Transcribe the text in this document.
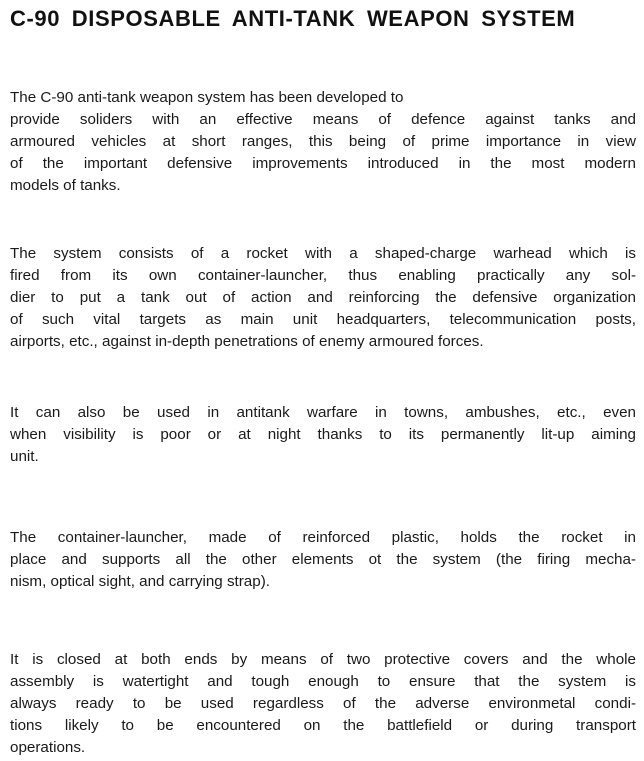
C-90 DISPOSABLE ANTI-TANK WEAPON SYSTEM

The C-90 anti-tank weapon system has been developed to
provide soliders with an effective means of defence against tanks and
armoured vehicles at short ranges, this being of prime importance in view
of the important defensive improvements introduced in the most modern
models of tanks.

The system consists of a rocket with a shaped-charge warhead which is
fired from its own container-launcher, thus enabling practically any sol-
dier to put a tank out of action and reinforcing the defensive organization
of such vital targets as main unit headquarters, telecommunication posts,
airports, etc., against in-depth penetrations of enemy armoured forces.

It can also be used in antitank warfare in towns, ambushes, etc., even
when visibility is poor or at night thanks to its permanently lit-up aiming
unit.

The container-launcher, made of reinforced plastic, holds the rocket in
place and supports all the other elements ot the system (the firing mecha-
nism, optical sight, and carrying strap).

It is closed at both ends by means of two protective covers and the whole
assembly is watertight and tough enough to ensure that the system is
always ready to be used regardless of the adverse environmetal condi-
tions likely to be encountered on the battlefield or during transport
operations.
